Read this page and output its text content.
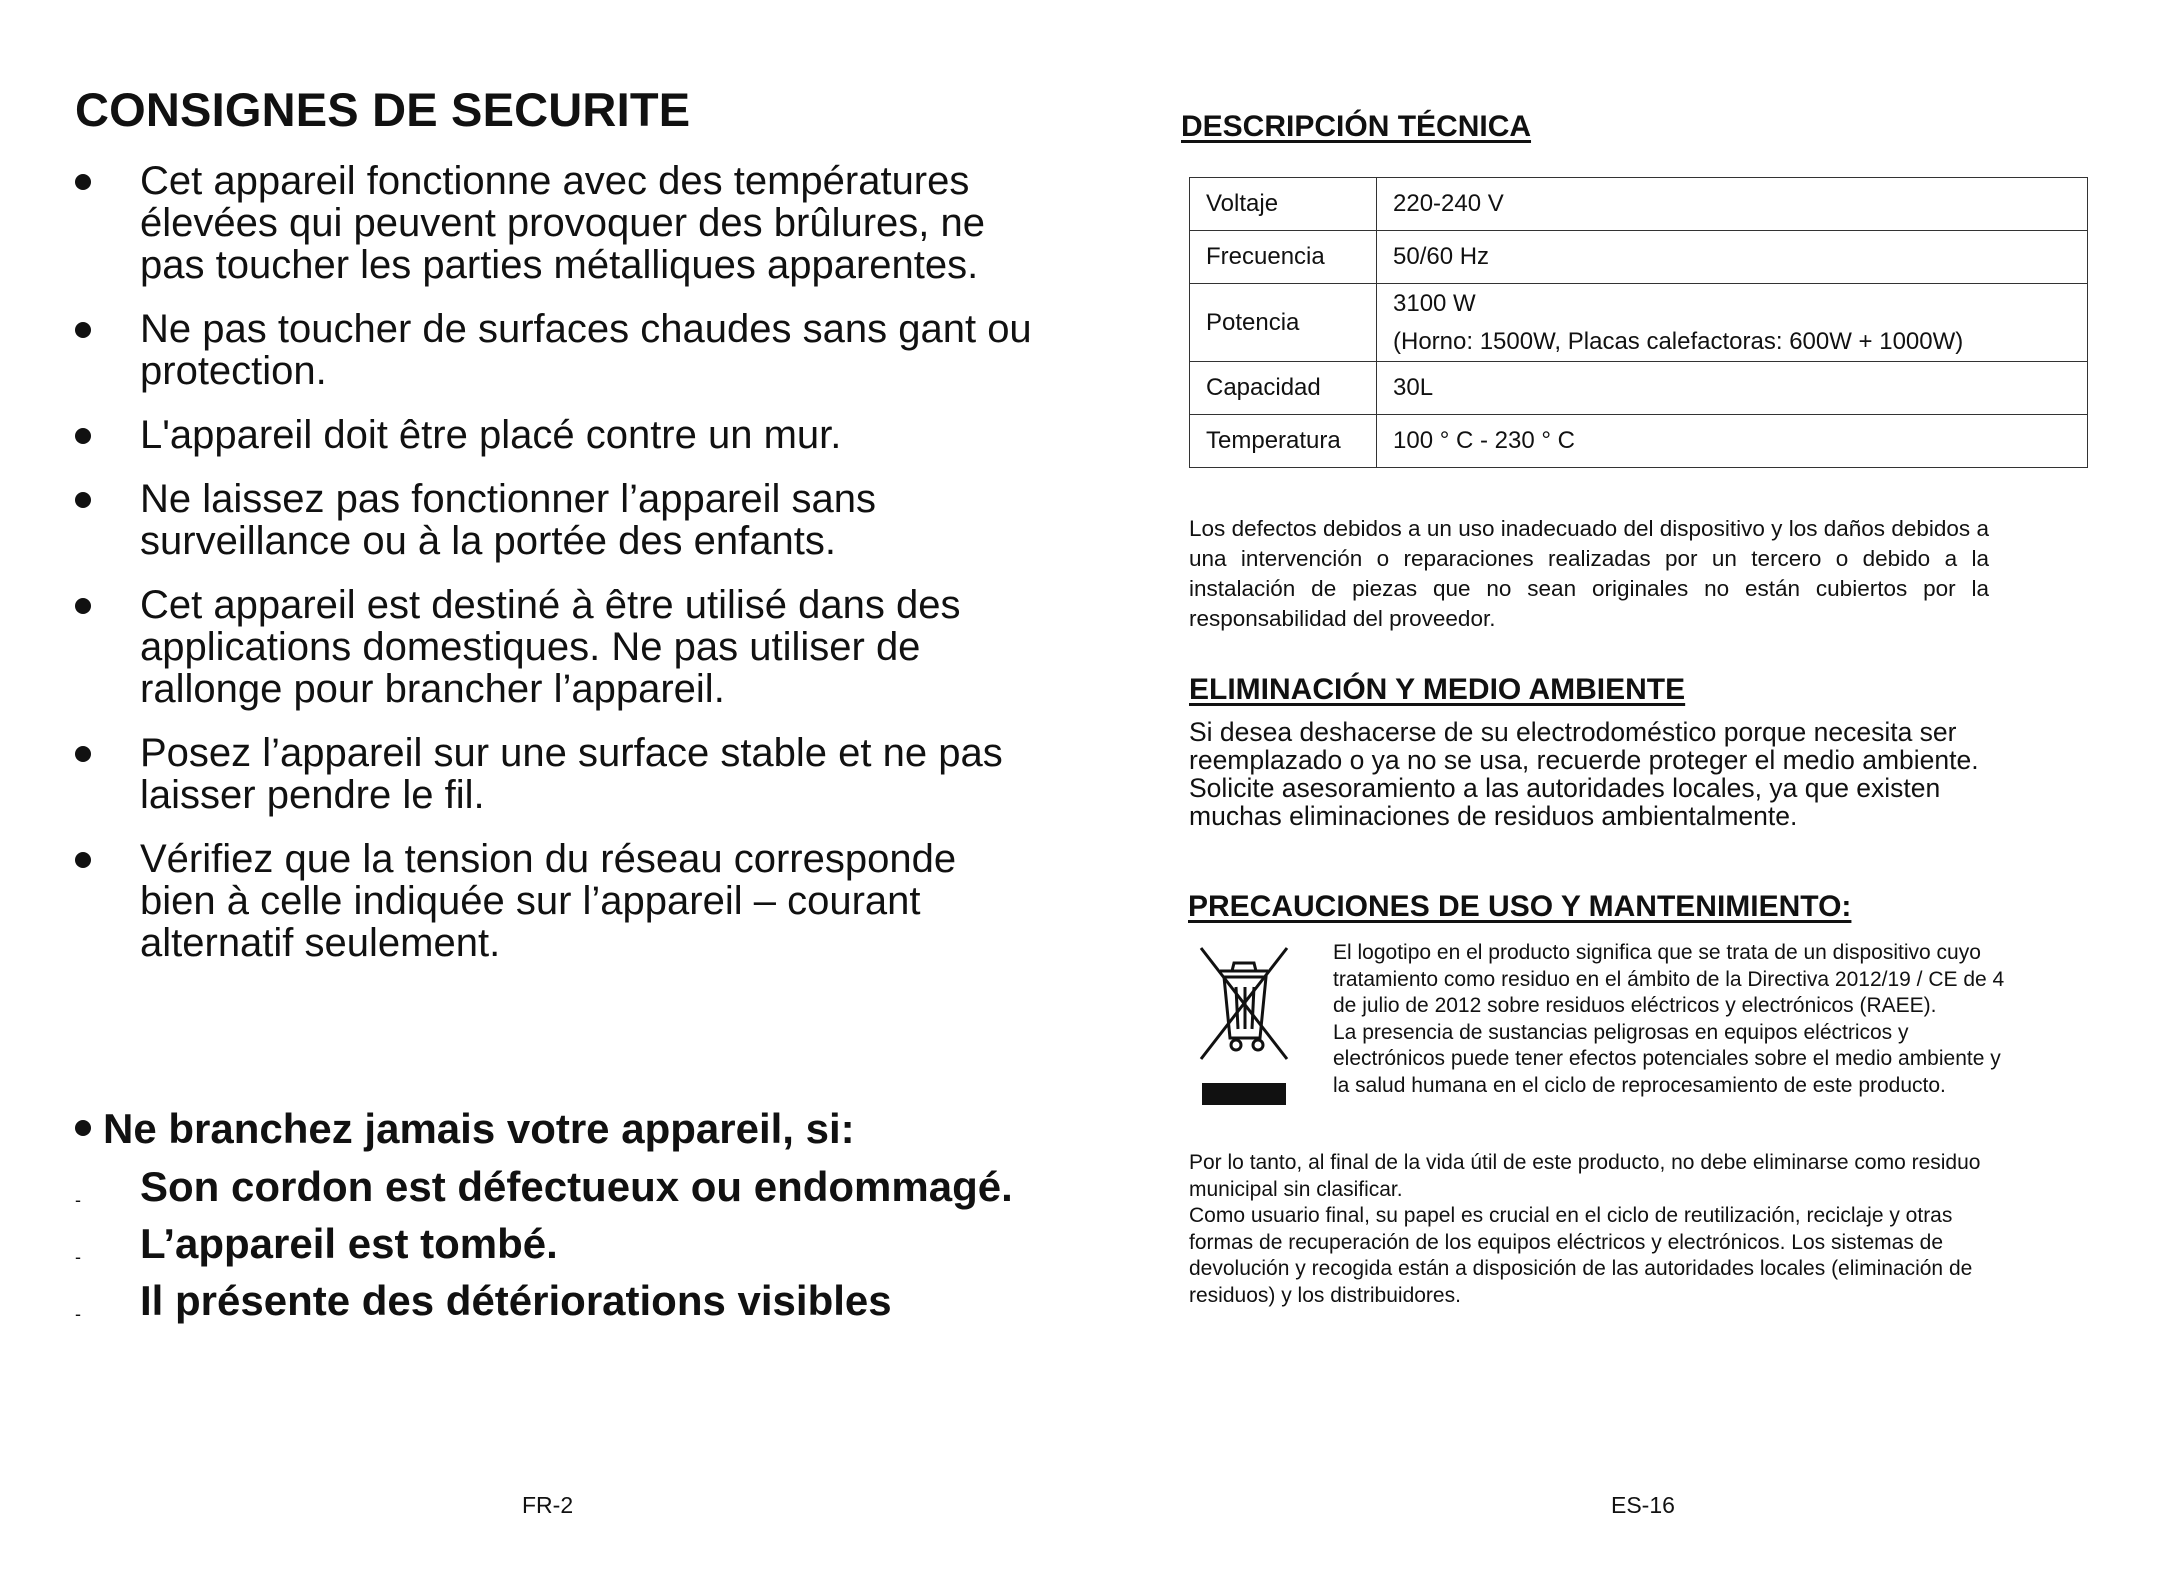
CONSIGNES DE SECURITE
Cet appareil fonctionne avec des températures élevées qui peuvent provoquer des brûlures, ne pas toucher les parties métalliques apparentes.
Ne pas toucher de surfaces chaudes sans gant ou protection.
L'appareil doit être placé contre un mur.
Ne laissez pas fonctionner l’appareil sans surveillance ou à la portée des enfants.
Cet appareil est destiné à être utilisé dans des applications domestiques. Ne pas utiliser de rallonge pour brancher l’appareil.
Posez l’appareil sur une surface stable et ne pas laisser pendre le fil.
Vérifiez que la tension du réseau corresponde bien à celle indiquée sur l’appareil – courant alternatif seulement.

Ne branchez jamais votre appareil, si:

- Son cordon est défectueux ou endommagé.
- L’appareil est tombé.
- Il présente des détériorations visibles
FR-2
DESCRIPCIÓN TÉCNICA
Voltaje	220-240 V
Frecuencia	50/60 Hz
Potencia	3100 W
(Horno: 1500W, Placas calefactoras: 600W + 1000W)

Capacidad	30L
Temperatura	100 ° C - 230 ° C

Los defectos debidos a un uso inadecuado del dispositivo y los daños debidos a una intervención o reparaciones realizadas por un tercero o debido a la instalación de piezas que no sean originales no están cubiertos por la responsabilidad del proveedor.

ELIMINACIÓN Y MEDIO AMBIENTE

Si desea deshacerse de su electrodoméstico porque necesita ser reemplazado o ya no se usa, recuerde proteger el medio ambiente. Solicite asesoramiento a las autoridades locales, ya que existen muchas eliminaciones de residuos ambientalmente.

PRECAUCIONES DE USO Y MANTENIMIENTO:
El logotipo en el producto significa que se trata de un dispositivo cuyo tratamiento como residuo en el ámbito de la Directiva 2012/19 / CE de 4 de julio de 2012 sobre residuos eléctricos y electrónicos (RAEE).
La presencia de sustancias peligrosas en equipos eléctricos y electrónicos puede tener efectos potenciales sobre el medio ambiente y la salud humana en el ciclo de reprocesamiento de este producto.
Por lo tanto, al final de la vida útil de este producto, no debe eliminarse como residuo municipal sin clasificar.
Como usuario final, su papel es crucial en el ciclo de reutilización, reciclaje y otras formas de recuperación de los equipos eléctricos y electrónicos. Los sistemas de devolución y recogida están a disposición de las autoridades locales (eliminación de residuos) y los distribuidores.
ES-16
